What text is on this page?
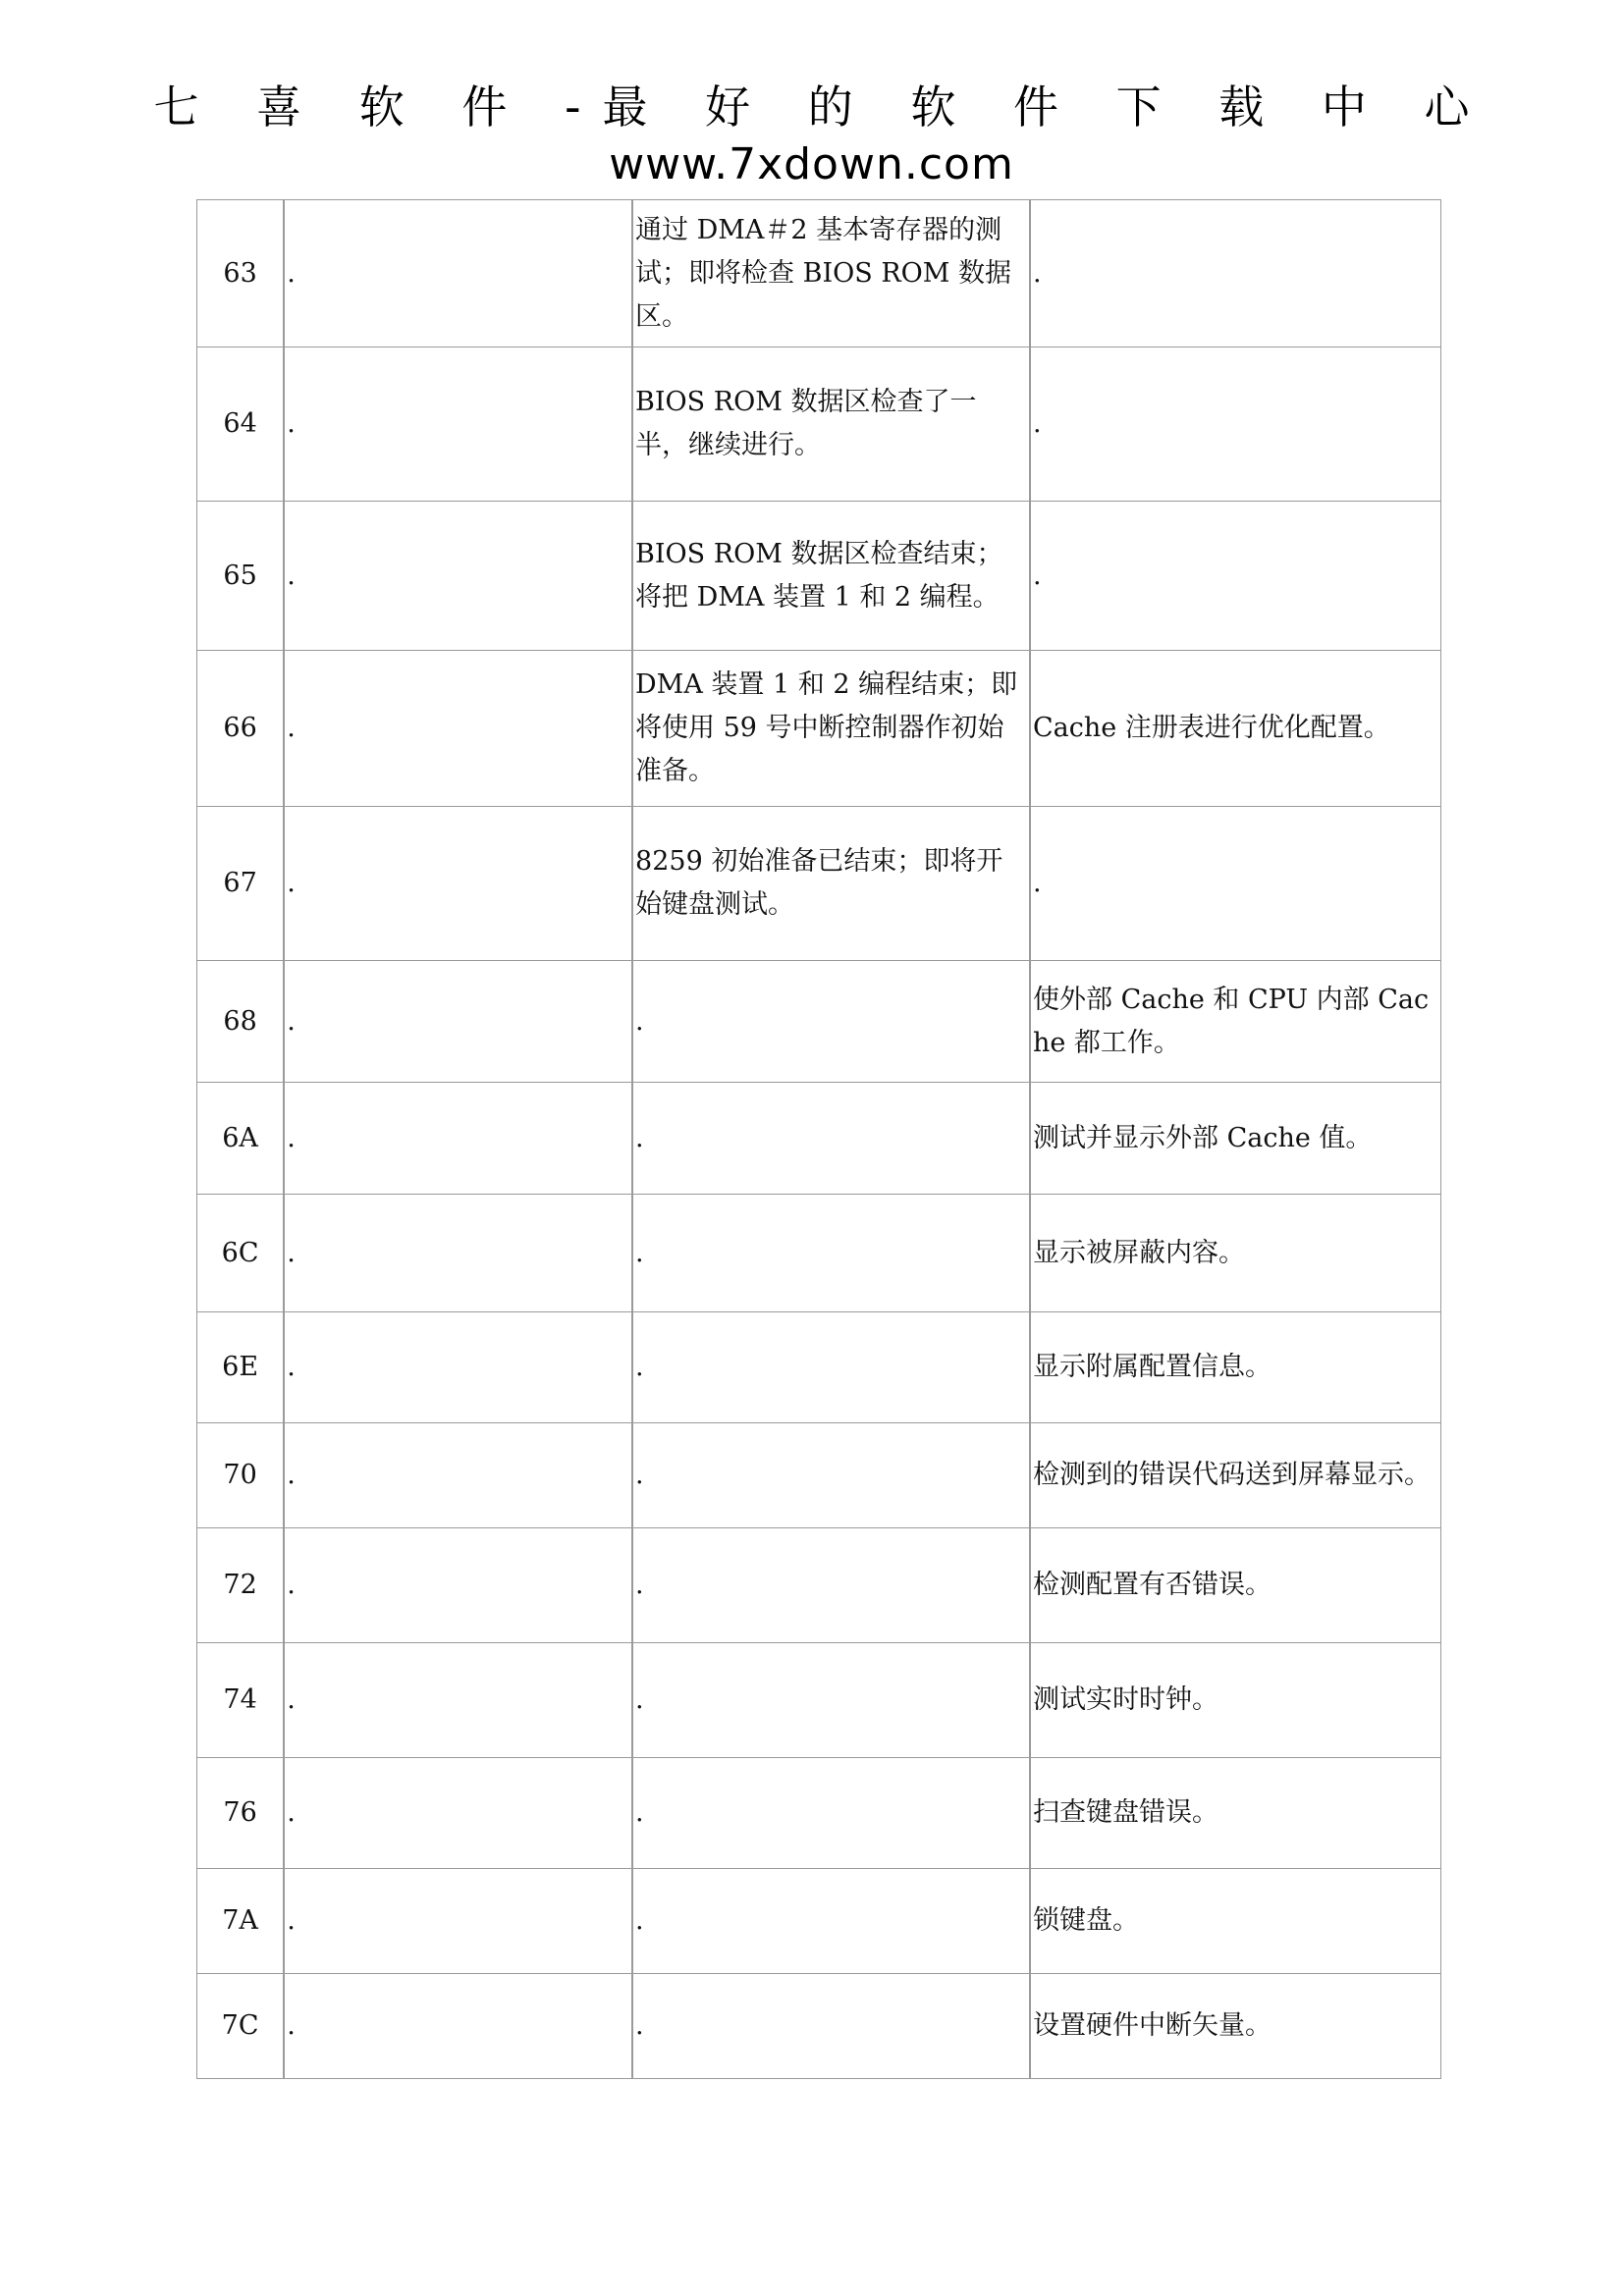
七 喜 软 件 -最 好 的 软 件 下 载 中 心
www.7xdown.com
63	.	通过 DMA＃2 基本寄存器的测试；即将检查 BIOS ROM 数据区。	.
64	.	BIOS ROM 数据区检查了一半，继续进行。	.
65	.	BIOS ROM 数据区检查结束；将把 DMA 装置 1 和 2 编程。	.
66	.	DMA 装置 1 和 2 编程结束；即将使用 59 号中断控制器作初始准备。	Cache 注册表进行优化配置。
67	.	8259 初始准备已结束；即将开始键盘测试。	.
68	.	.	使外部 Cache 和 CPU 内部 Cache 都工作。
6A	.	.	测试并显示外部 Cache 值。
6C	.	.	显示被屏蔽内容。
6E	.	.	显示附属配置信息。
70	.	.	检测到的错误代码送到屏幕显示。
72	.	.	检测配置有否错误。
74	.	.	测试实时时钟。
76	.	.	扫查键盘错误。
7A	.	.	锁键盘。
7C	.	.	设置硬件中断矢量。
